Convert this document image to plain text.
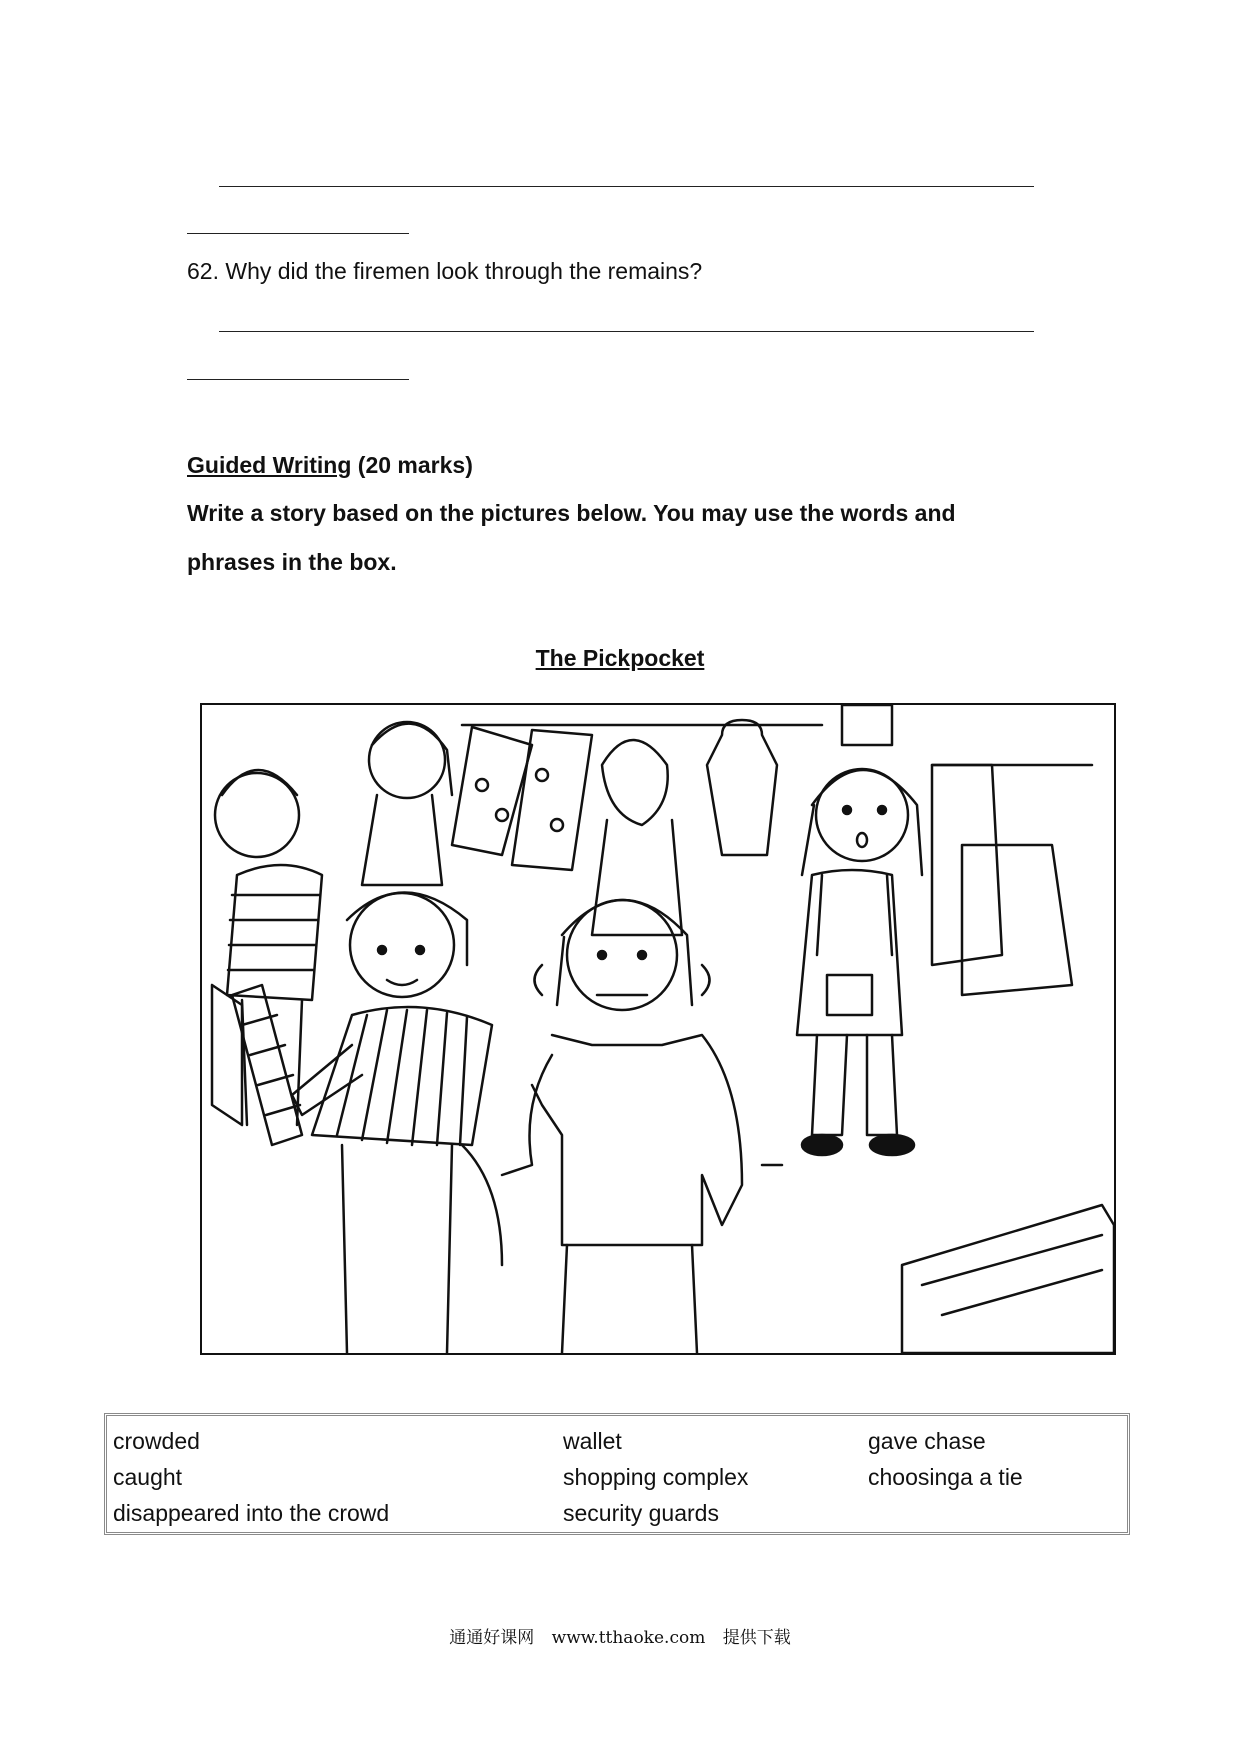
62. Why did the firemen look through the remains?
Guided Writing (20 marks)
Write a story based on the pictures below. You may use the words and
phrases in the box.
The Pickpocket
crowded
caught
disappeared into the crowd
wallet
shopping complex
security guards
gave chase
choosinga a tie
通通好课网 www.tthaoke.com 提供下载
